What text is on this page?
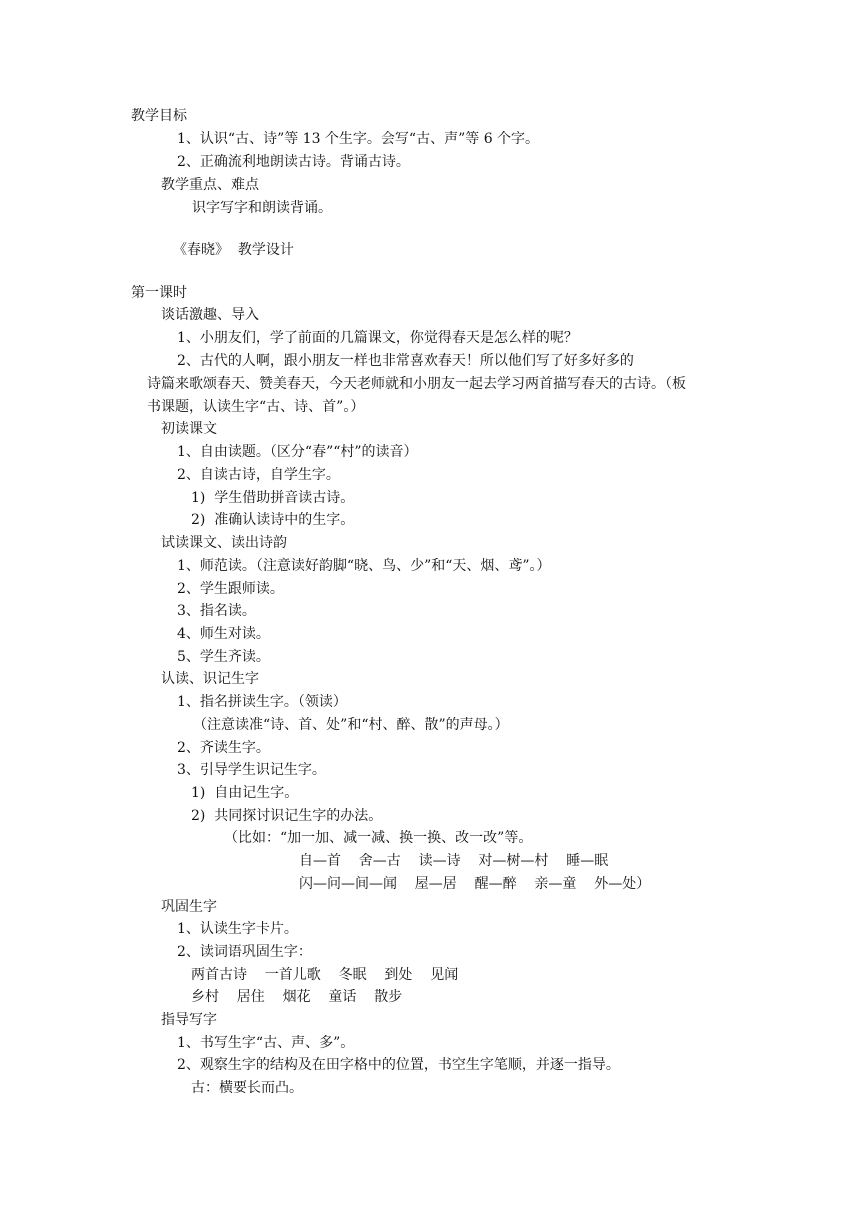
教学目标
1、认识“古、诗”等 13 个生字。会写“古、声”等 6 个字。
2、正确流利地朗读古诗。背诵古诗。
教学重点、难点
识字写字和朗读背诵。
《春晓》  教学设计
第一课时
谈话激趣、导入
1、小朋友们，学了前面的几篇课文，你觉得春天是怎么样的呢？
2、古代的人啊，跟小朋友一样也非常喜欢春天！所以他们写了好多好多的
诗篇来歌颂春天、赞美春天，今天老师就和小朋友一起去学习两首描写春天的古诗。（板
书课题，认读生字“古、诗、首”。）
初读课文
1、自由读题。（区分“春”“村”的读音）
2、自读古诗，自学生字。
1)  学生借助拼音读古诗。
2)  准确认读诗中的生字。
试读课文、读出诗韵
1、师范读。（注意读好韵脚“晓、鸟、少”和“天、烟、鸢”。）
2、学生跟师读。
3、指名读。
4、师生对读。
5、学生齐读。
认读、识记生字
1、指名拼读生字。（领读）
（注意读准“诗、首、处”和“村、醉、散”的声母。）
2、齐读生字。
3、引导学生识记生字。
1)  自由记生字。
2)  共同探讨识记生字的办法。
（比如：“加一加、减一减、换一换、改一改”等。
自—首    舍—古    读—诗    对—树—村    睡—眠
闪—问—间—闻    屋—居    醒—醉    亲—童    外—处）
巩固生字
1、认读生字卡片。
2、读词语巩固生字：
两首古诗    一首儿歌    冬眠    到处    见闻
乡村    居住    烟花    童话    散步
指导写字
1、书写生字“古、声、多”。
2、观察生字的结构及在田字格中的位置，书空生字笔顺，并逐一指导。
古：横要长而凸。
